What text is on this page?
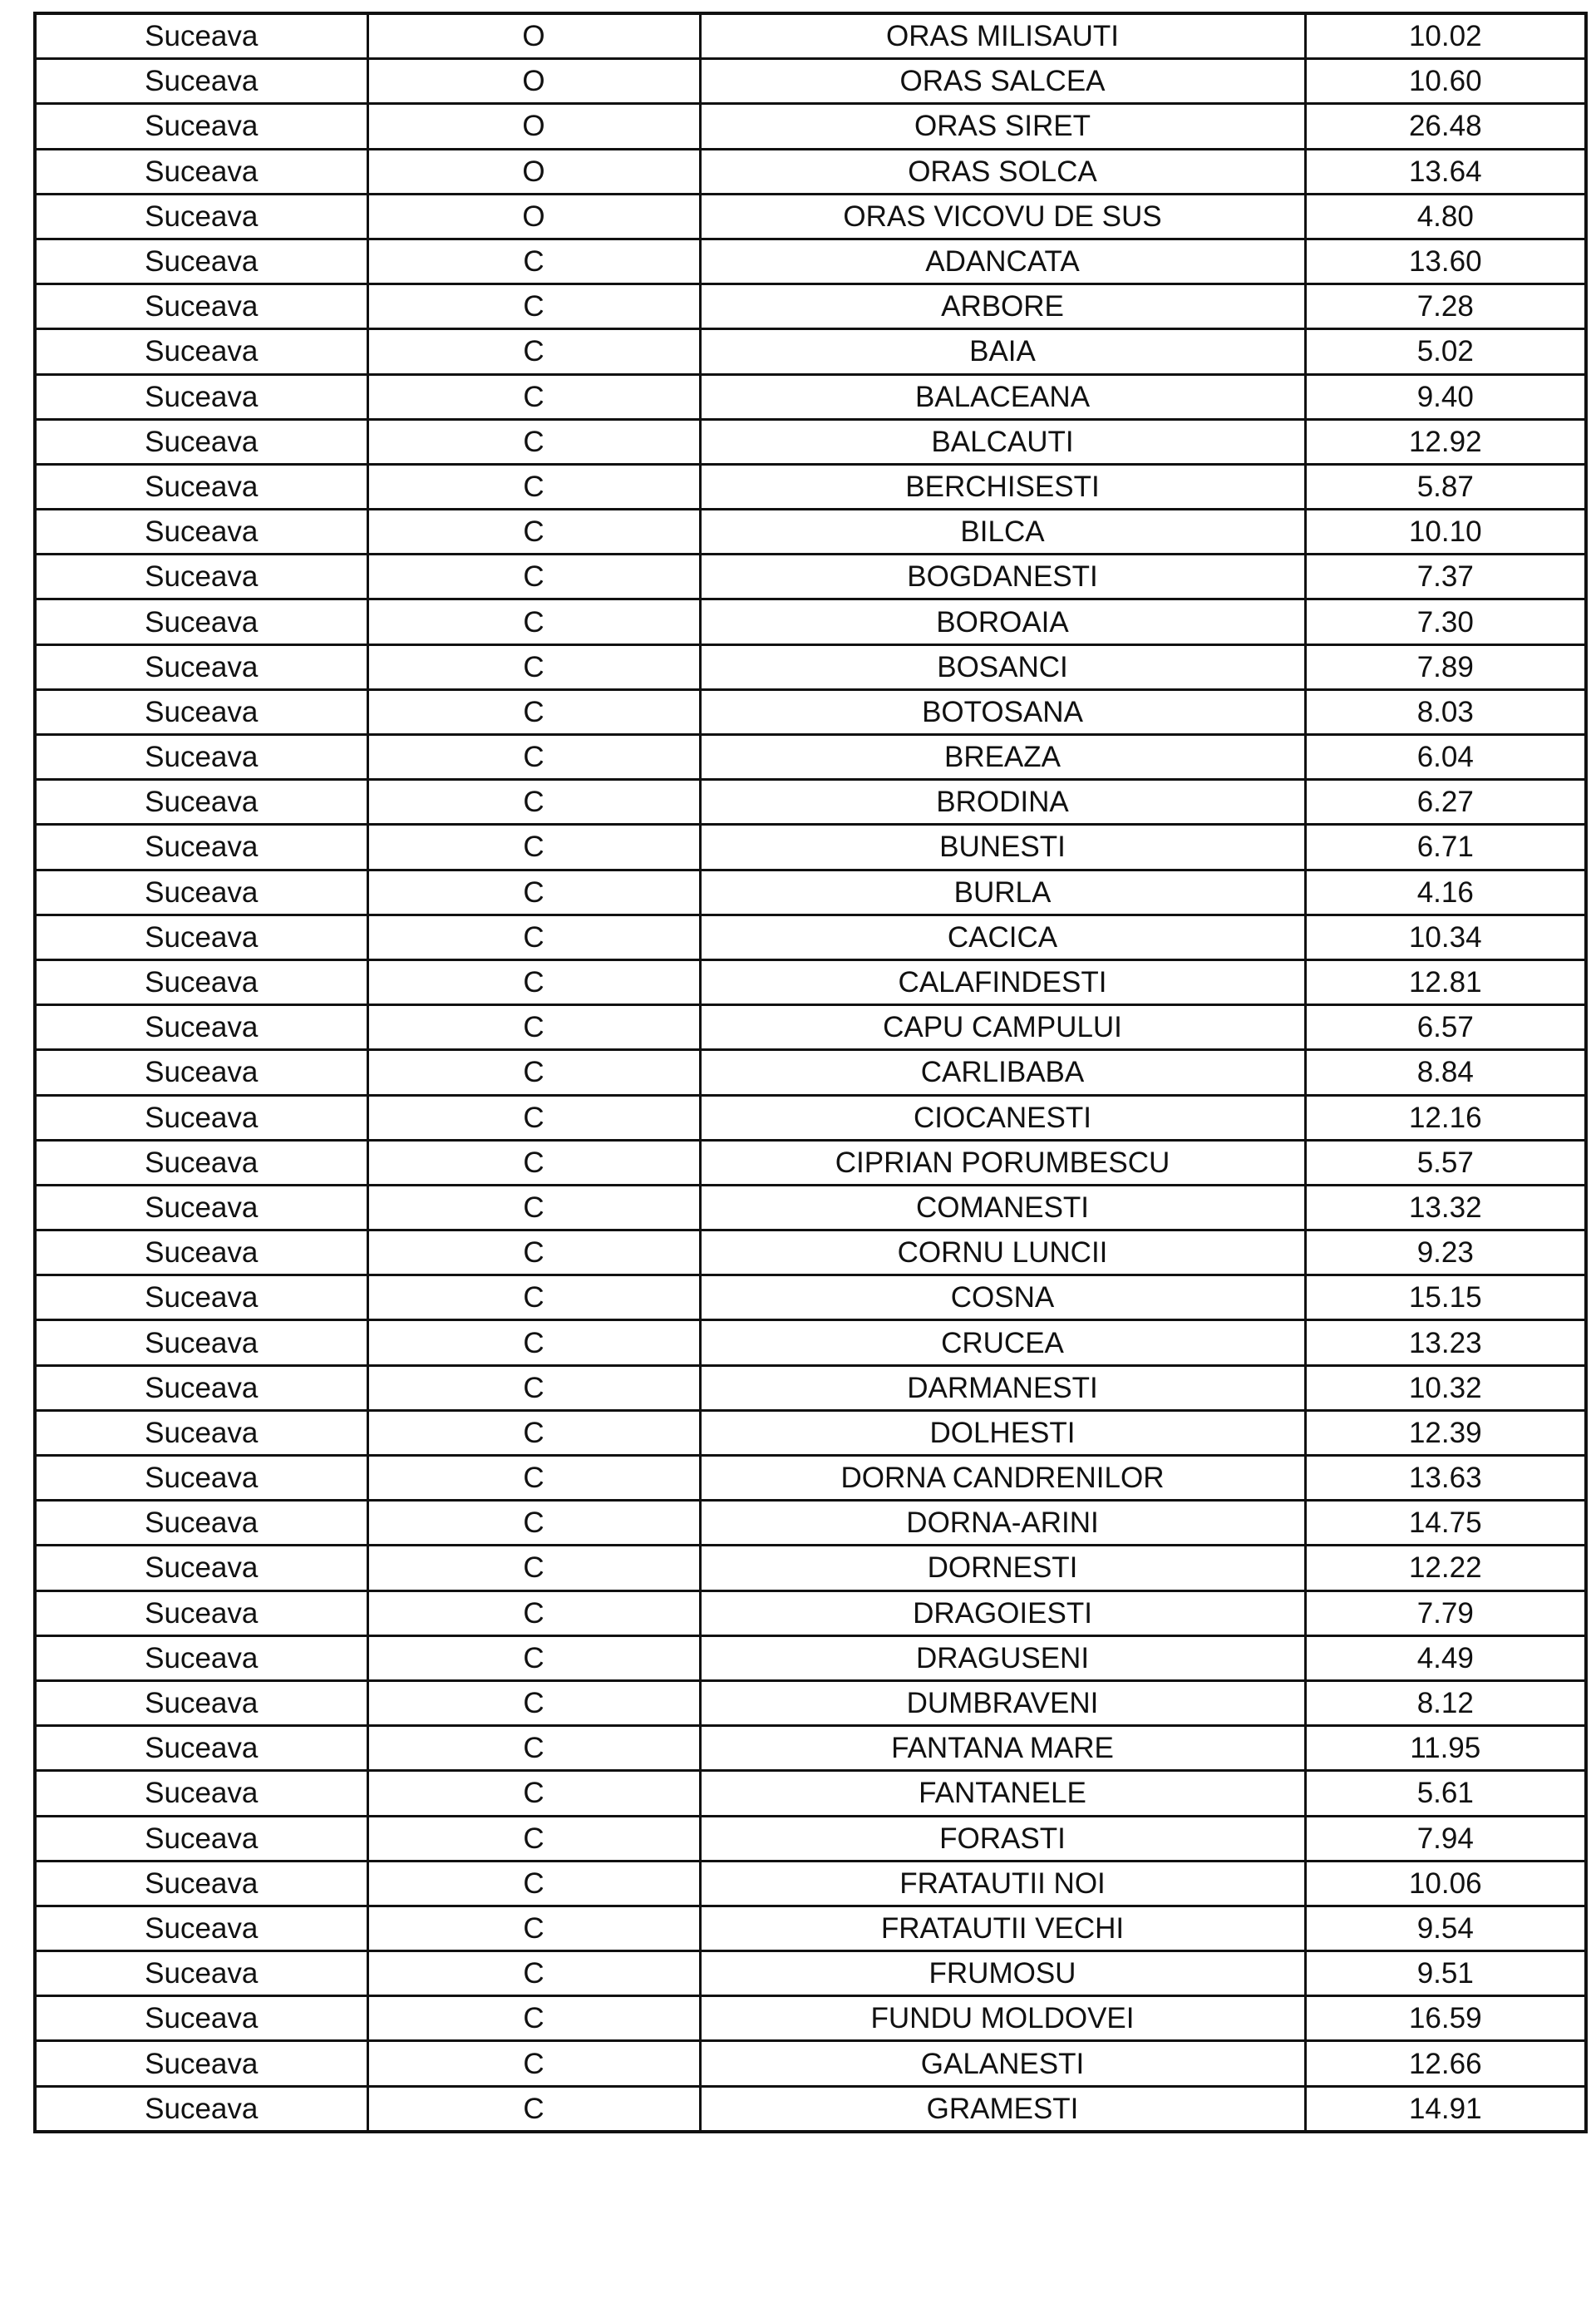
Suceava	O	ORAS MILISAUTI	10.02
Suceava	O	ORAS SALCEA	10.60
Suceava	O	ORAS SIRET	26.48
Suceava	O	ORAS SOLCA	13.64
Suceava	O	ORAS VICOVU DE SUS	4.80
Suceava	C	ADANCATA	13.60
Suceava	C	ARBORE	7.28
Suceava	C	BAIA	5.02
Suceava	C	BALACEANA	9.40
Suceava	C	BALCAUTI	12.92
Suceava	C	BERCHISESTI	5.87
Suceava	C	BILCA	10.10
Suceava	C	BOGDANESTI	7.37
Suceava	C	BOROAIA	7.30
Suceava	C	BOSANCI	7.89
Suceava	C	BOTOSANA	8.03
Suceava	C	BREAZA	6.04
Suceava	C	BRODINA	6.27
Suceava	C	BUNESTI	6.71
Suceava	C	BURLA	4.16
Suceava	C	CACICA	10.34
Suceava	C	CALAFINDESTI	12.81
Suceava	C	CAPU CAMPULUI	6.57
Suceava	C	CARLIBABA	8.84
Suceava	C	CIOCANESTI	12.16
Suceava	C	CIPRIAN PORUMBESCU	5.57
Suceava	C	COMANESTI	13.32
Suceava	C	CORNU LUNCII	9.23
Suceava	C	COSNA	15.15
Suceava	C	CRUCEA	13.23
Suceava	C	DARMANESTI	10.32
Suceava	C	DOLHESTI	12.39
Suceava	C	DORNA CANDRENILOR	13.63
Suceava	C	DORNA-ARINI	14.75
Suceava	C	DORNESTI	12.22
Suceava	C	DRAGOIESTI	7.79
Suceava	C	DRAGUSENI	4.49
Suceava	C	DUMBRAVENI	8.12
Suceava	C	FANTANA MARE	11.95
Suceava	C	FANTANELE	5.61
Suceava	C	FORASTI	7.94
Suceava	C	FRATAUTII NOI	10.06
Suceava	C	FRATAUTII VECHI	9.54
Suceava	C	FRUMOSU	9.51
Suceava	C	FUNDU MOLDOVEI	16.59
Suceava	C	GALANESTI	12.66
Suceava	C	GRAMESTI	14.91
